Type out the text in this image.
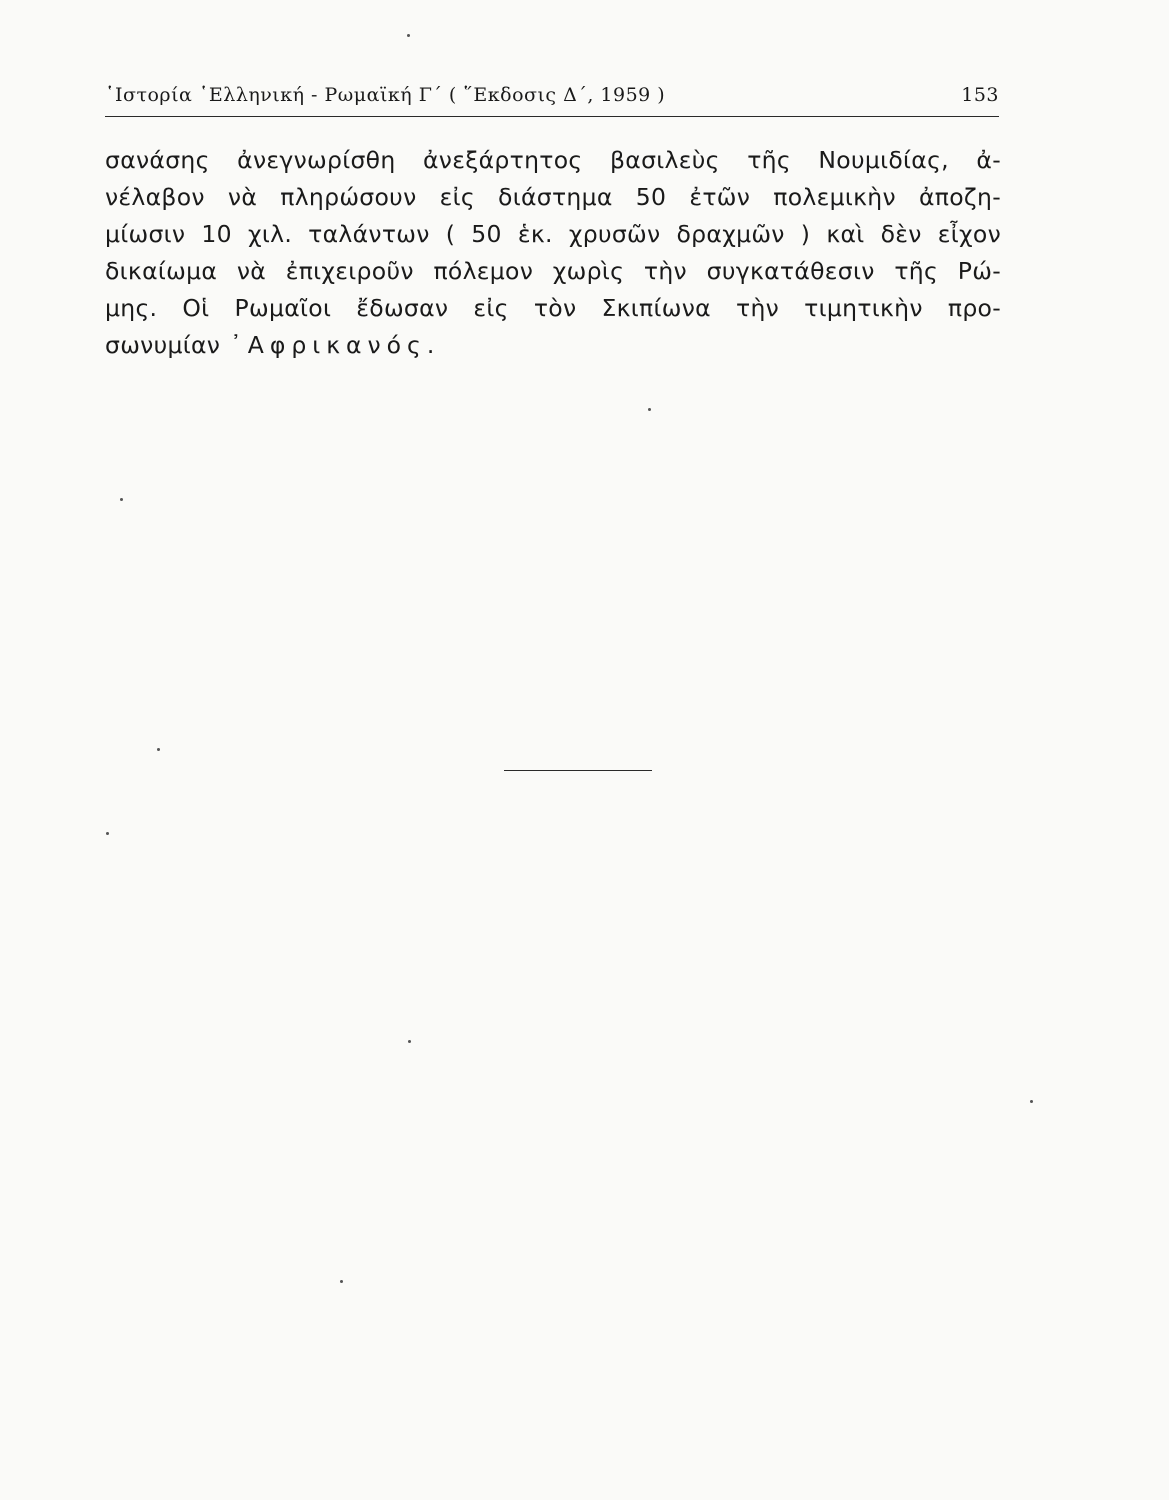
῾Ιστορία ῾Ελληνική - Ρωμαϊκή Γ΄ ( ῞Εκδοσις Δ΄, 1959 )	153
σανάσης ἀνεγνωρίσθη ἀνεξάρτητος βασιλεὺς τῆς Νουμιδίας, ἀ-
νέλαβον νὰ πληρώσουν εἰς διάστημα 50 ἐτῶν πολεμικὴν ἀποζη-
μίωσιν 10 χιλ. ταλάντων ( 50 ἑκ. χρυσῶν δραχμῶν ) καὶ δὲν εἶχον
δικαίωμα νὰ ἐπιχειροῦν πόλεμον χωρὶς τὴν συγκατάθεσιν τῆς Ρώ-
μης. Οἱ Ρωμαῖοι ἔδωσαν εἰς τὸν Σκιπίωνα τὴν τιμητικὴν προ-
σωνυμίαν ᾿Αφρικανός.
